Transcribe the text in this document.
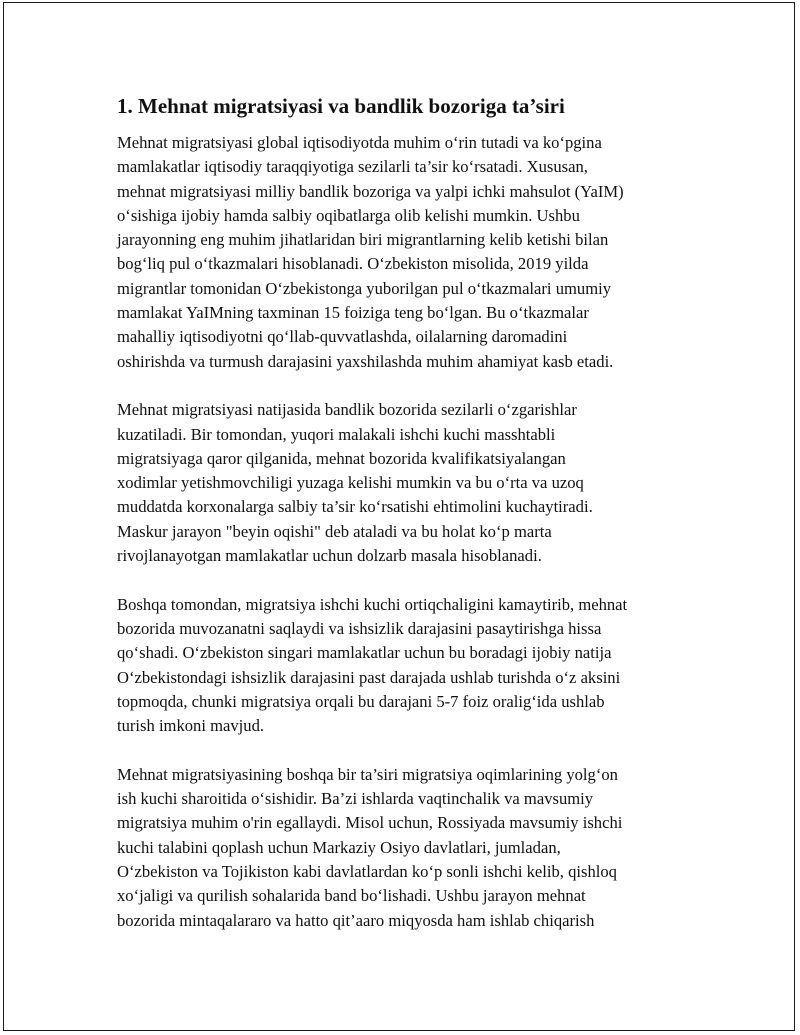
1. Mehnat migratsiyasi va bandlik bozoriga ta’siri

Mehnat migratsiyasi global iqtisodiyotda muhim o‘rin tutadi va ko‘pgina
mamlakatlar iqtisodiy taraqqiyotiga sezilarli ta’sir ko‘rsatadi. Xususan,
mehnat migratsiyasi milliy bandlik bozoriga va yalpi ichki mahsulot (YaIM)
o‘sishiga ijobiy hamda salbiy oqibatlarga olib kelishi mumkin. Ushbu
jarayonning eng muhim jihatlaridan biri migrantlarning kelib ketishi bilan
bog‘liq pul o‘tkazmalari hisoblanadi. O‘zbekiston misolida, 2019 yilda
migrantlar tomonidan O‘zbekistonga yuborilgan pul o‘tkazmalari umumiy
mamlakat YaIMning taxminan 15 foiziga teng bo‘lgan. Bu o‘tkazmalar
mahalliy iqtisodiyotni qo‘llab-quvvatlashda, oilalarning daromadini
oshirishda va turmush darajasini yaxshilashda muhim ahamiyat kasb etadi.

Mehnat migratsiyasi natijasida bandlik bozorida sezilarli o‘zgarishlar
kuzatiladi. Bir tomondan, yuqori malakali ishchi kuchi masshtabli
migratsiyaga qaror qilganida, mehnat bozorida kvalifikatsiyalangan
xodimlar yetishmovchiligi yuzaga kelishi mumkin va bu o‘rta va uzoq
muddatda korxonalarga salbiy ta’sir ko‘rsatishi ehtimolini kuchaytiradi.
Maskur jarayon "beyin oqishi" deb ataladi va bu holat ko‘p marta
rivojlanayotgan mamlakatlar uchun dolzarb masala hisoblanadi.

Boshqa tomondan, migratsiya ishchi kuchi ortiqchaligini kamaytirib, mehnat
bozorida muvozanatni saqlaydi va ishsizlik darajasini pasaytirishga hissa
qo‘shadi. O‘zbekiston singari mamlakatlar uchun bu boradagi ijobiy natija
O‘zbekistondagi ishsizlik darajasini past darajada ushlab turishda o‘z aksini
topmoqda, chunki migratsiya orqali bu darajani 5-7 foiz oralig‘ida ushlab
turish imkoni mavjud.

Mehnat migratsiyasining boshqa bir ta’siri migratsiya oqimlarining yolg‘on
ish kuchi sharoitida o‘sishidir. Ba’zi ishlarda vaqtinchalik va mavsumiy
migratsiya muhim o'rin egallaydi. Misol uchun, Rossiyada mavsumiy ishchi
kuchi talabini qoplash uchun Markaziy Osiyo davlatlari, jumladan,
O‘zbekiston va Tojikiston kabi davlatlardan ko‘p sonli ishchi kelib, qishloq
xo‘jaligi va qurilish sohalarida band bo‘lishadi. Ushbu jarayon mehnat
bozorida mintaqalararo va hatto qit’aaro miqyosda ham ishlab chiqarish
